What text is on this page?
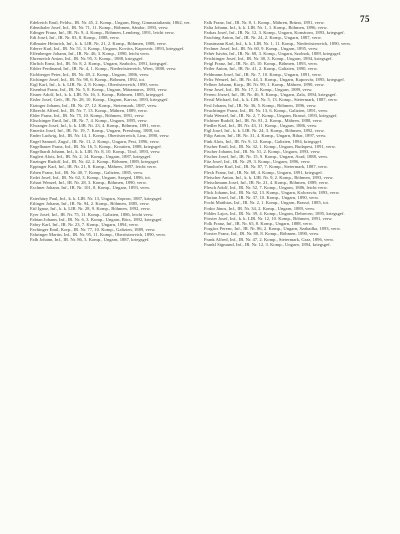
75

Edelreich Emil, Feldw., IR. Nr. 45, 2. Komp., Ungarn, Berg. Gimnazialtanár, 1862, ver.

Edenthaler Josef, Inf., IR. Nr. 71, 11. Komp., Böhmen, Sándor, 1893, verw.

Edinger Franz, Inf., IR. Nr. 9, 4. Komp., Böhmen, Lemberg, 1891, leicht verw.

Edi Josef, Inf., IR. Nr. 83, 8. Komp., 1888, verw.

Edlmaier Heinrich, Inf., k. k. LIR. Nr. 21, 2. Komp., Böhmen, 1888, verw.

Ederer Karl, Inf., IR. Nr. 51, 3. Komp., Ungarn, Kovács, Kaposvár, 1893, kriegsgef.

Effenberger Johann, Inf., IR. Nr. 46, 3. Komp., 1890, leicht verw.

Ehrenreich Anton, Inf., IR. Nr. 95, 3. Komp., 1888, kriegsgef.

Ehrlich Ernst, Inf., IR. Nr. 8, 2. Komp., Ungarn, Szabolcs, 1891, kriegsgef.

Eibler Ferdinand, Inf., IR. Nr. 4, 1. Komp., Niederösterreich, Wien, 1888, verw.

Eichberger Peter, Inf., IR. Nr. 49, 2. Komp., Ungarn, 1886, verw.

Eichinger Josef, Inf., IR. Nr. 98, 6. Komp., Böhmen, 1892, tot.

Eigl Karl, Inf., k. k. LIR. Nr. 2, 8. Komp., Oberösterreich, 1890, verw.

Eisenhut Franz, Inf., IR. Nr. 5, 8. Komp., Ungarn, Máramaros, 1893, verw.

Eisner Adolf, Inf., k. k. LIR. Nr. 16, 3. Komp., Böhmen, 1885, kriegsgef.

Eisler Josef, Gefr., IR. Nr. 28, 10. Komp., Ungarn, Karcsa, 1893, kriegsgef.

Eizinger Johann, Inf., IR. Nr. 27, 12. Komp., Steiermark, 1887, verw.

Elbrecht Alfred, Inf., IR. Nr. 7, 13. Komp., Mähren, 1889, verw.

Elder Franz, Inf., IR. Nr. 75, 10. Komp., Böhmen, 1891, verw.

Eltschinger Emil, Inf., IR. Nr. 7, 4. Komp., Ungarn, 1895, verw.

Elwanger Josef, Inf., k. k. LIR. Nr. 23, 4. Komp., Böhmen, 1891, verw.

Emeritz Josef, Inf., IR. Nr. 19, 7. Komp., Ungarn, Pressburg, 1888, tot.

Ender Ludwig, Inf., IR. Nr. 14, 1. Komp., Oberösterreich, Linz, 1890, verw.

Engel Samuel, Zugsf., IR. Nr. 11, 2. Komp., Ungarn, Pest, 1896, verw.

Engelbauer Franz, Inf., IR. Nr. 16, 5. Komp., Kroatien, 1888, kriegsgef.

Engelhardt Johann, Inf., k. k. LIR. Nr. 8, 10. Komp., Tirol, 1893, verw.

Englert Alois, Inf., IR. Nr. 2, 14. Komp., Ungarn, 1887, kriegsgef.

Enzinger Rudolf, Inf., IR. Nr. 42, 2. Komp., Böhmen, 1889, kriegsgef.

Eppinger Karl, Inf., IR. Nr. 21, 8. Komp., Mähren, 1897, leicht verw.

Erben Franz, Inf., IR. Nr. 40, 7. Komp., Galizien, 1885, verw.

Erdei Josef, Inf., IR. Nr. 62, 3. Komp., Ungarn, Szeged, 1896, tot.

Erhart Wenzel, Inf., IR. Nr. 28, 3. Komp., Böhmen, 1890, verw.

Eschner Johann, Inf., IR. Nr. 101, 8. Komp., Ungarn, 1893, verw.

Esterházy Paul, Inf., k. k. LIR. Nr. 13, Ungarn, Sopron, 1887, kriegsgef.

Etlinger Johann, Inf., IR. Nr. 94, 2. Komp., Böhmen, 1885, verw.

Ettl Ignaz, Inf., k. k. LIR. Nr. 28, 9. Komp., Böhmen, 1892, verw.

Eyer Josef, Inf., IR. Nr. 75, 11. Komp., Galizien, 1886, leicht verw.

Fabian Johann, Inf., IR. Nr. 6, 3. Komp., Ungarn, Bács, 1892, kriegsgef.

Fabry Karl, Inf., IR. Nr. 23, 7. Komp., Ungarn, 1894, verw.

Fachinger Emil, Korp., IR. Nr. 77, 10. Komp., Galizien, 1889, verw.

Fahringer Martin, Inf., IR. Nr. 95, 11. Komp., Oberösterreich, 1890, verw.

Falb Johann, Inf., IR. Nr. 86, 3. Komp., Ungarn, 1887, kriegsgef.

Falk Franz, Inf., IR. Nr. 8, 1. Komp., Mähren, Brünn, 1891, verw.

Falta Johann, Inf., k. k. LIR. Nr. 1, 1. Komp., Böhmen, 1896, verw.

Farkas Josef, Inf., IR. Nr. 12, 3. Komp., Ungarn, Komárom, 1893, kriegsgef.

Fasching Anton, Inf., IR. Nr. 24, 2. Komp., Ungarn, 1887, verw.

Faustmann Karl, Inf., k. k. LIR. Nr. 1, 11. Komp., Niederösterreich, 1890, verw.

Fechner Josef, Inf., IR. Nr. 60, 9. Komp., Ungarn, 1895, verw.

Fehér István, Inf., IR. Nr. 68, 3. Komp., Ungarn, Szolnok, 1889, kriegsgef.

Feichtinger Josef, Inf., IR. Nr. 38, 3. Komp., Ungarn, 1894, kriegsgef.

Feigl Franz, Inf., IR. Nr. 45, 10. Komp., Böhmen, 1893, verw.

Feiler Anton, Inf., IR. Nr. 41, 2. Komp., Galizien, 1890, verw.

Feldmann Josef, Inf., IR. Nr. 7, 10. Komp., Ungarn, 1891, verw.

Felix Wenzel, Inf., IR. Nr. 44, 3. Komp., Ungarn, Kaposvár, 1895, kriegsgef.

Fellner Johann, Korp., IR. Nr. 99, 1. Komp., Mähren, 1890, verw.

Fenz Josef, Inf., IR. Nr. 17, 2. Komp., Ungarn, 1889, verw.

Ferenc József, Inf., IR. Nr. 46, 9. Komp., Ungarn, Zala, 1894, kriegsgef.

Ferstl Michael, Inf., k. k. LIR. Nr. 5, 13. Komp., Steiermark, 1887, verw.

Fesl Johann, Inf., IR. Nr. 36, 5. Komp., Böhmen, 1896, verw.

Feuchtinger Franz, Inf., IR. Nr. 13, 6. Komp., Galizien, 1891, verw.

Fiala Wenzel, Inf., IR. Nr. 2, 7. Komp., Ungarn, Brassó, 1893, kriegsgef.

Fichtner Rudolf, Inf., IR. Nr. 81, 2. Komp., Mähren, 1888, verw.

Fiedler Karl, Inf., IR. Nr. 43, 11. Komp., Ungarn, 1886, verw.

Figl Josef, Inf., k. k. LIR. Nr. 24, 3. Komp., Böhmen, 1892, verw.

Filip Anton, Inf., IR. Nr. 31, 4. Komp., Ungarn, Bihar, 1897, verw.

Fink Alois, Inf., IR. Nr. 9, 12. Komp., Galizien, 1894, kriegsgef.

Fischer Emil, Inf., IR. Nr. 32, 1. Komp., Ungarn, Budapest, 1891, verw.

Fischer Johann, Inf., IR. Nr. 51, 2. Komp., Ungarn, 1893, verw.

Fischer Josef, Inf., IR. Nr. 15, 9. Komp., Ungarn, Arad, 1888, verw.

Fitz Josef, Inf., IR. Nr. 29, 3. Komp., Ungarn, 1896, verw.

Flandorfer Karl, Inf., IR. Nr. 87, 7. Komp., Steiermark, 1887, verw.

Fleck Franz, Inf., IR. Nr. 68, 4. Komp., Ungarn, 1891, kriegsgef.

Fleischer Anton, Inf., k. k. LIR. Nr. 9, 2. Komp., Böhmen, 1893, verw.

Fleischmann Josef, Inf., IR. Nr. 21, 4. Komp., Böhmen, 1889, verw.

Flesch Adolf, Inf., IR. Nr. 52, 7. Komp., Ungarn, 1886, leicht verw.

Flick Johann, Inf., IR. Nr. 62, 13. Komp., Ungarn, Kolozsvár, 1893, verw.

Florian Josef, Inf., IR. Nr. 37, 10. Komp., Ungarn, 1890, verw.

Focht Matthias, Inf., IR. Nr. 2, 1. Komp., Ungarn, Brassó, 1885, tot.

Fodor János, Inf., IR. Nr. 34, 2. Komp., Ungarn, 1889, verw.

Földes Lajos, Inf., IR. Nr. 39, 4. Komp., Ungarn, Debrecen, 1895, kriegsgef.

Förster Josef, Inf., k. k. LIR. Nr. 12, 10. Komp., Böhmen, 1891, verw.

Folk Franz, Inf., IR. Nr. 65, 8. Komp., Ungarn, 1888, verw.

Forgács Ferenc, Inf., IR. Nr. 86, 2. Komp., Ungarn, Szabadka, 1893, verw.

Forster Franz, Inf., IR. Nr. 88, 8. Komp., Böhmen, 1890, verw.

Frank Alfred, Inf., IR. Nr. 47, 2. Komp., Steiermark, Graz, 1896, verw.

Frankl Sigmund, Inf., IR. Nr. 12, 3. Komp., Ungarn, 1894, kriegsgef.
